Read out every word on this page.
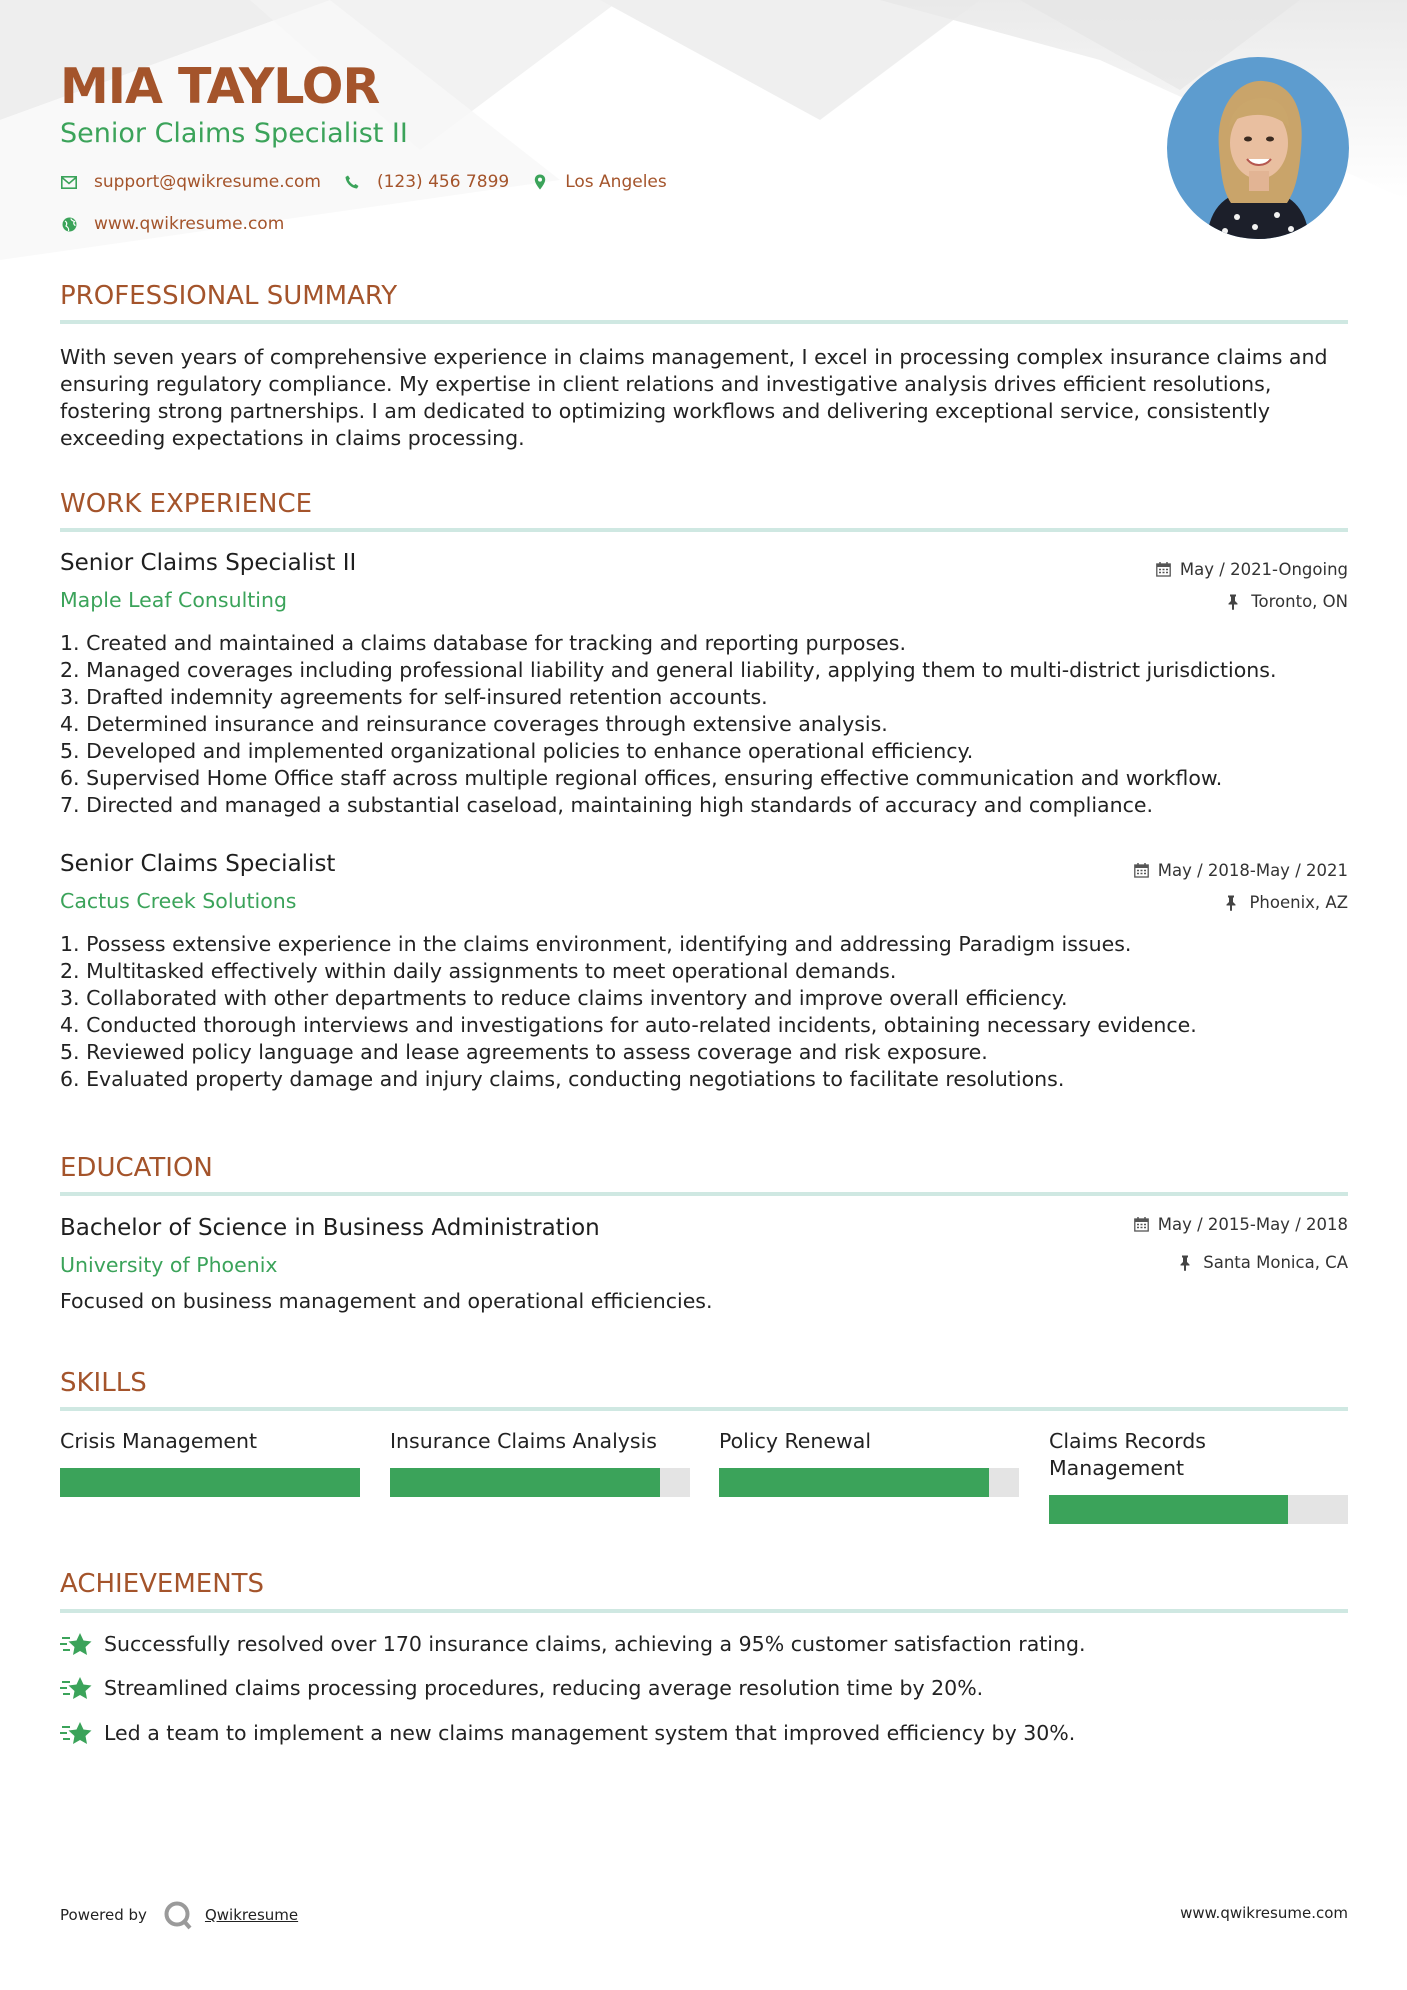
MIA TAYLOR
Senior Claims Specialist II
support@qwikresume.com	(123) 456 7899	Los Angeles
www.qwikresume.com
PROFESSIONAL SUMMARY
With seven years of comprehensive experience in claims management, I excel in processing complex insurance claims and
ensuring regulatory compliance. My expertise in client relations and investigative analysis drives efficient resolutions,
fostering strong partnerships. I am dedicated to optimizing workflows and delivering exceptional service, consistently
exceeding expectations in claims processing.
WORK EXPERIENCE
Senior Claims Specialist II
Maple Leaf Consulting
May / 2021-Ongoing
Toronto, ON
1. Created and maintained a claims database for tracking and reporting purposes.
2. Managed coverages including professional liability and general liability, applying them to multi-district jurisdictions.
3. Drafted indemnity agreements for self-insured retention accounts.
4. Determined insurance and reinsurance coverages through extensive analysis.
5. Developed and implemented organizational policies to enhance operational efficiency.
6. Supervised Home Office staff across multiple regional offices, ensuring effective communication and workflow.
7. Directed and managed a substantial caseload, maintaining high standards of accuracy and compliance.
Senior Claims Specialist
Cactus Creek Solutions
May / 2018-May / 2021
Phoenix, AZ
1. Possess extensive experience in the claims environment, identifying and addressing Paradigm issues.
2. Multitasked effectively within daily assignments to meet operational demands.
3. Collaborated with other departments to reduce claims inventory and improve overall efficiency.
4. Conducted thorough interviews and investigations for auto-related incidents, obtaining necessary evidence.
5. Reviewed policy language and lease agreements to assess coverage and risk exposure.
6. Evaluated property damage and injury claims, conducting negotiations to facilitate resolutions.
EDUCATION
Bachelor of Science in Business Administration
University of Phoenix
May / 2015-May / 2018
Santa Monica, CA
Focused on business management and operational efficiencies.
SKILLS
Crisis Management	Insurance Claims Analysis	Policy Renewal	Claims Records Management
ACHIEVEMENTS
Successfully resolved over 170 insurance claims, achieving a 95% customer satisfaction rating.
Streamlined claims processing procedures, reducing average resolution time by 20%.
Led a team to implement a new claims management system that improved efficiency by 30%.
Powered by	Qwikresume	www.qwikresume.com
